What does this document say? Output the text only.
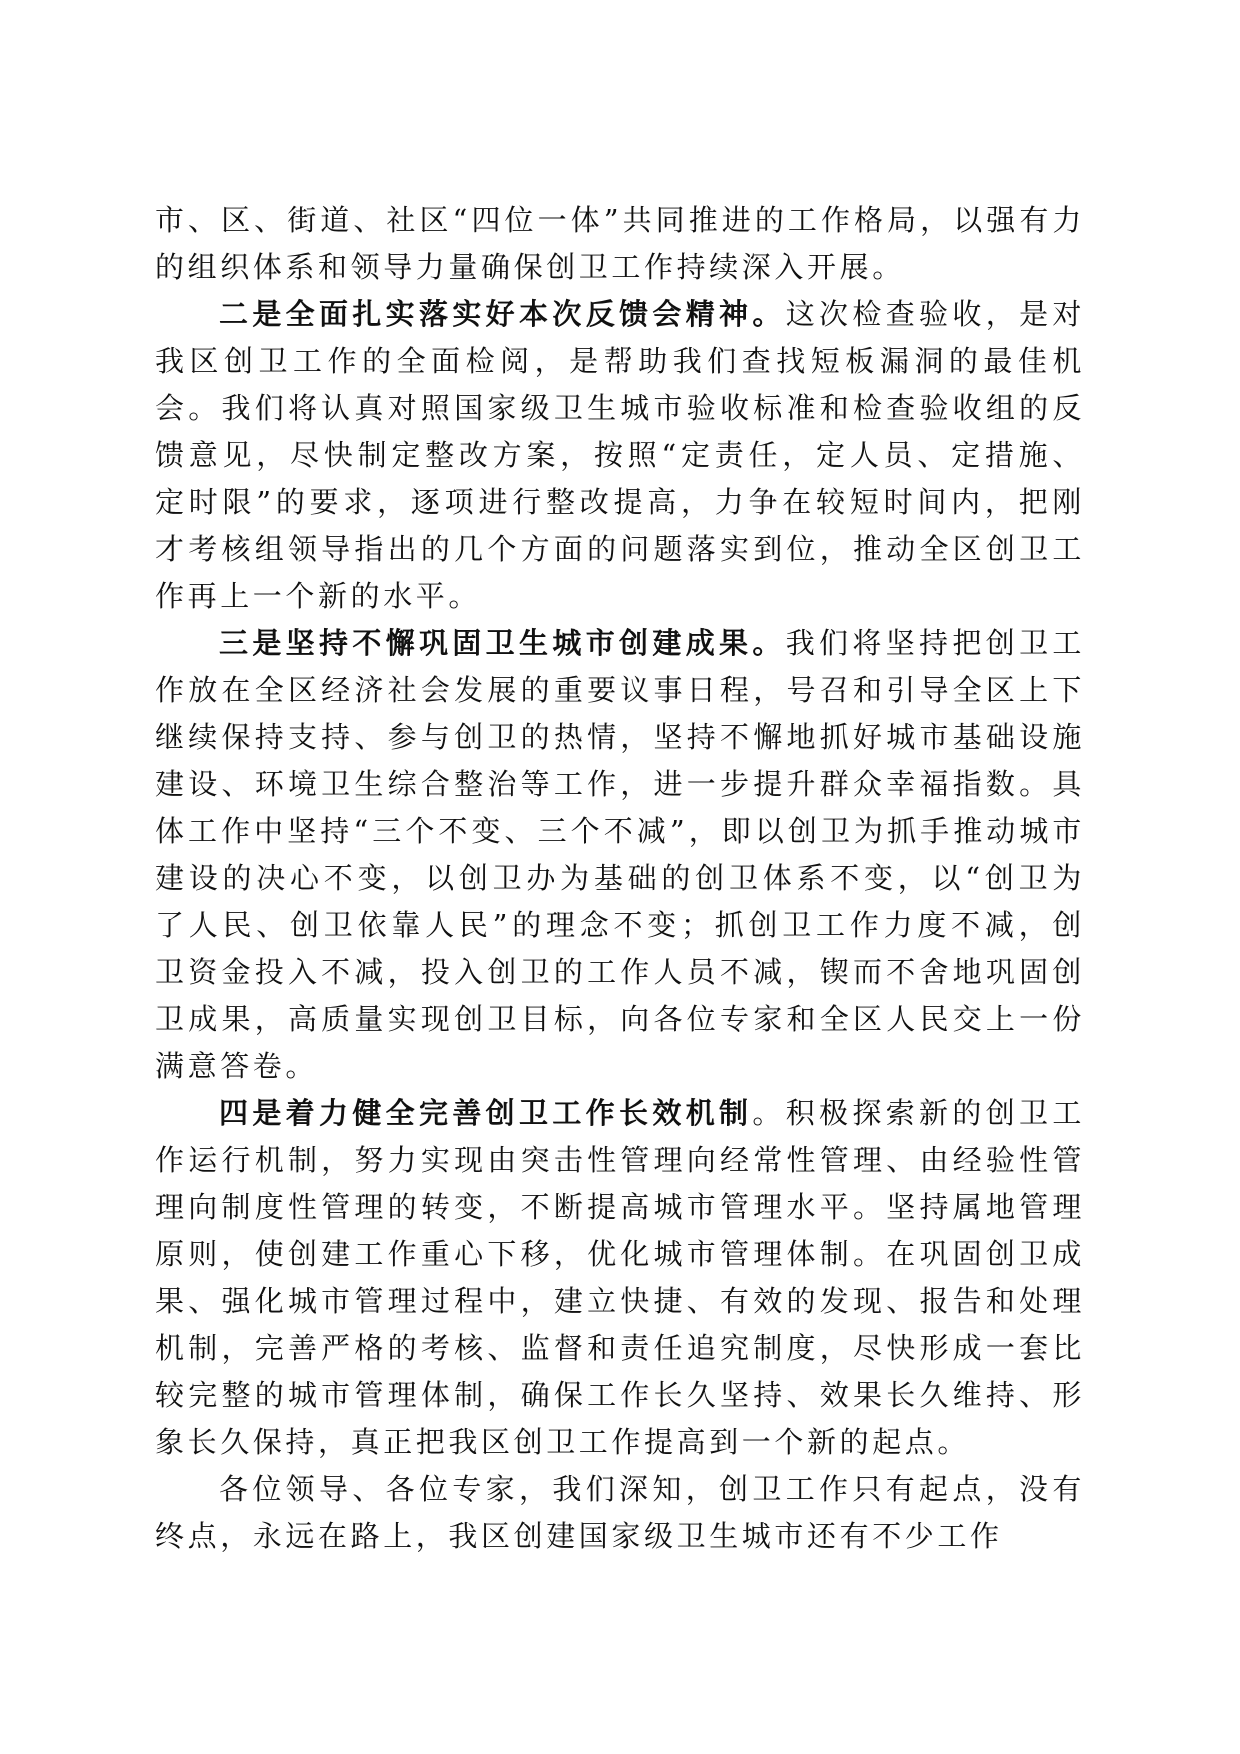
市、区、街道、社区“四位一体”共同推进的工作格局，以强有力的组织体系和领导力量确保创卫工作持续深入开展。

二是全面扎实落实好本次反馈会精神。这次检查验收，是对我区创卫工作的全面检阅，是帮助我们查找短板漏洞的最佳机会。我们将认真对照国家级卫生城市验收标准和检查验收组的反馈意见，尽快制定整改方案，按照“定责任，定人员、定措施、定时限”的要求，逐项进行整改提高，力争在较短时间内，把刚才考核组领导指出的几个方面的问题落实到位，推动全区创卫工作再上一个新的水平。

三是坚持不懈巩固卫生城市创建成果。我们将坚持把创卫工作放在全区经济社会发展的重要议事日程，号召和引导全区上下继续保持支持、参与创卫的热情，坚持不懈地抓好城市基础设施建设、环境卫生综合整治等工作，进一步提升群众幸福指数。具体工作中坚持“三个不变、三个不减”，即以创卫为抓手推动城市建设的决心不变，以创卫办为基础的创卫体系不变，以“创卫为了人民、创卫依靠人民”的理念不变；抓创卫工作力度不减，创卫资金投入不减，投入创卫的工作人员不减，锲而不舍地巩固创卫成果，高质量实现创卫目标，向各位专家和全区人民交上一份满意答卷。

四是着力健全完善创卫工作长效机制。积极探索新的创卫工作运行机制，努力实现由突击性管理向经常性管理、由经验性管理向制度性管理的转变，不断提高城市管理水平。坚持属地管理原则，使创建工作重心下移，优化城市管理体制。在巩固创卫成果、强化城市管理过程中，建立快捷、有效的发现、报告和处理机制，完善严格的考核、监督和责任追究制度，尽快形成一套比较完整的城市管理体制，确保工作长久坚持、效果长久维持、形象长久保持，真正把我区创卫工作提高到一个新的起点。

各位领导、各位专家，我们深知，创卫工作只有起点，没有终点，永远在路上，我区创建国家级卫生城市还有不少工作
